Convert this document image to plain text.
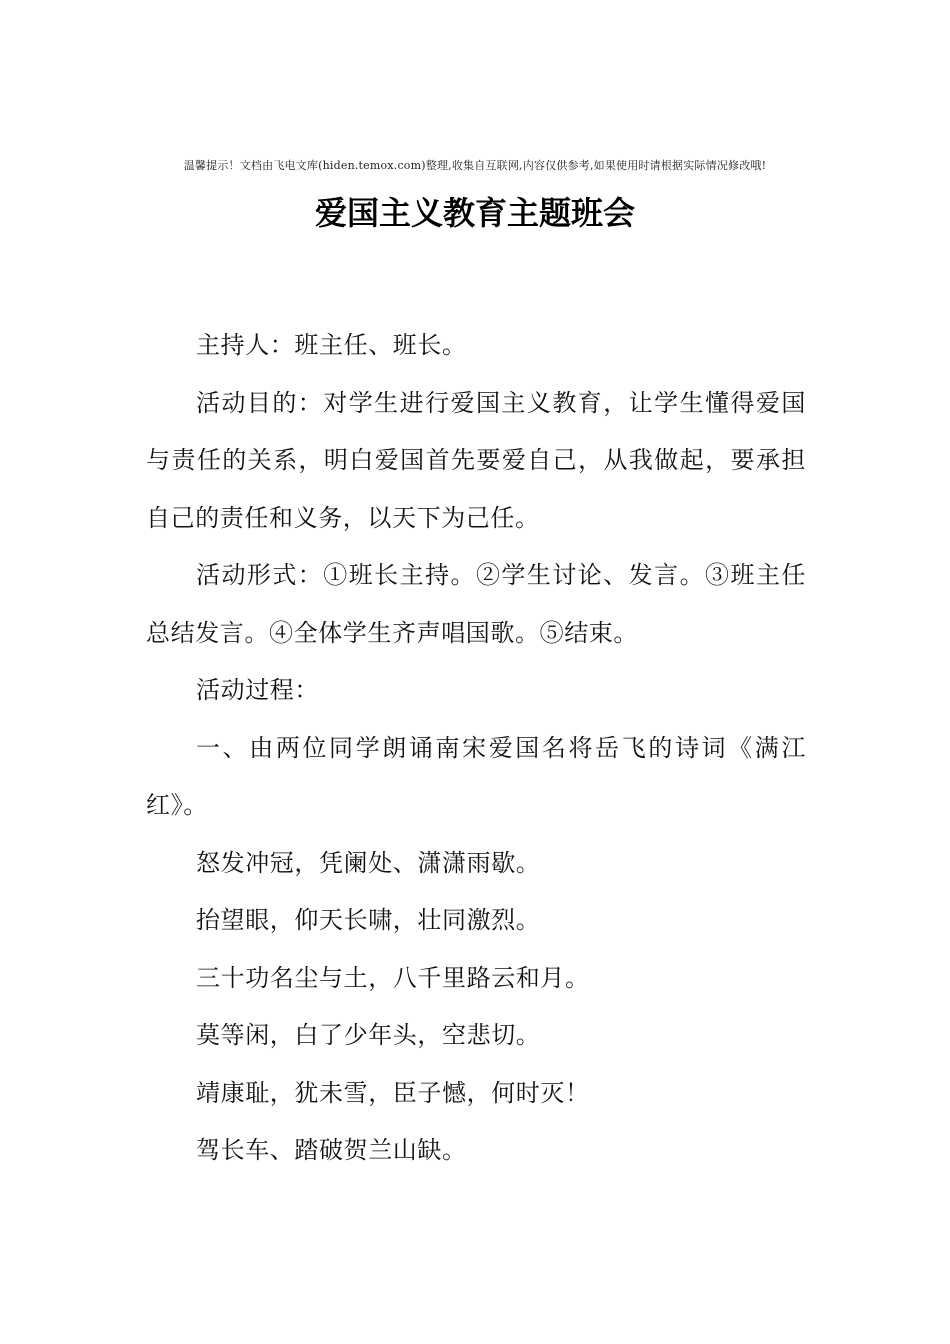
温馨提示！文档由飞电文库(hiden.temox.com)整理,收集自互联网,内容仅供参考,如果使用时请根据实际情况修改哦!
爱国主义教育主题班会

主持人：班主任、班长。

活动目的：对学生进行爱国主义教育，让学生懂得爱国与责任的关系，明白爱国首先要爱自己，从我做起，要承担自己的责任和义务，以天下为己任。

活动形式：①班长主持。②学生讨论、发言。③班主任总结发言。④全体学生齐声唱国歌。⑤结束。

活动过程：

一、由两位同学朗诵南宋爱国名将岳飞的诗词《满江红》。

怒发冲冠，凭阑处、潇潇雨歇。

抬望眼，仰天长啸，壮同激烈。

三十功名尘与土，八千里路云和月。

莫等闲，白了少年头，空悲切。

靖康耻，犹未雪，臣子憾，何时灭！

驾长车、踏破贺兰山缺。
